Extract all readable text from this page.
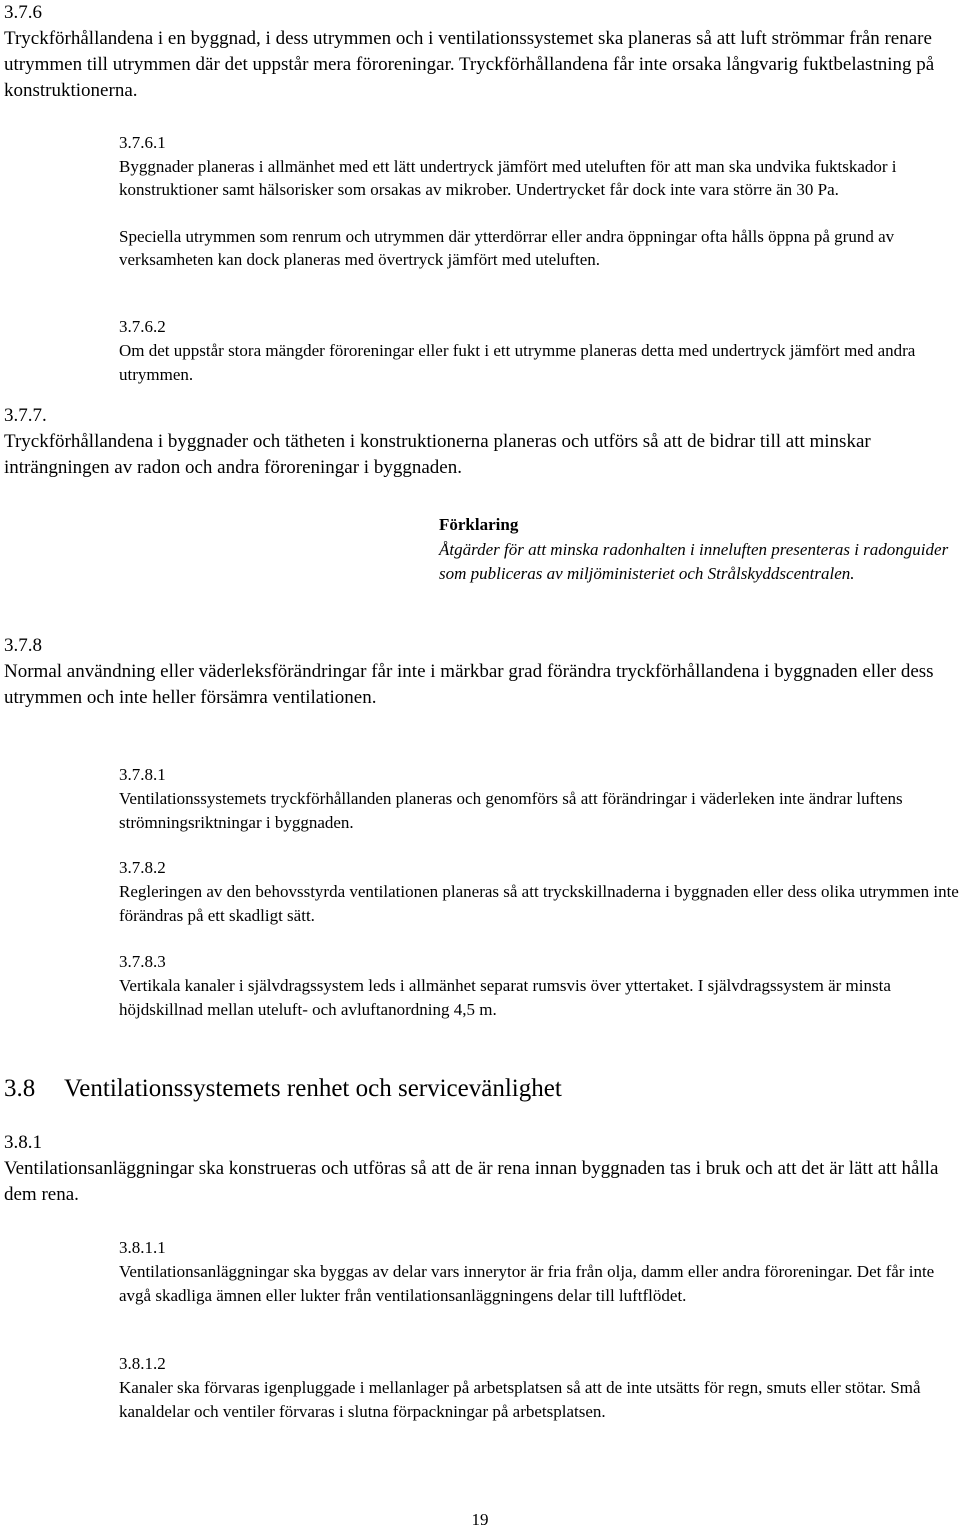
3.7.6

Tryckförhållandena i en byggnad, i dess utrymmen och i ventilationssystemet ska planeras så att luft strömmar från renare utrymmen till utrymmen där det uppstår mera föroreningar. Tryckförhållandena får inte orsaka långvarig fuktbelastning på konstruktionerna.

3.7.6.1

Byggnader planeras i allmänhet med ett lätt undertryck jämfört med uteluften för att man ska undvika fuktskador i konstruktioner samt hälsorisker som orsakas av mikrober. Undertrycket får dock inte vara större än 30 Pa.

Speciella utrymmen som renrum och utrymmen där ytterdörrar eller andra öppningar ofta hålls öppna på grund av verksamheten kan dock planeras med övertryck jämfört med uteluften.

3.7.6.2

Om det uppstår stora mängder föroreningar eller fukt i ett utrymme planeras detta med undertryck jämfört med andra utrymmen.

3.7.7.

Tryckförhållandena i byggnader och tätheten i konstruktionerna planeras och utförs så att de bidrar till att minskar inträngningen av radon och andra föroreningar i byggnaden.

Förklaring

Åtgärder för att minska radonhalten i inneluften presenteras i radonguider som publiceras av miljöministeriet och Strålskyddscentralen.

3.7.8

Normal användning eller väderleksförändringar får inte i märkbar grad förändra tryckförhållandena i byggnaden eller dess utrymmen och inte heller försämra ventilationen.

3.7.8.1

Ventilationssystemets tryckförhållanden planeras och genomförs så att förändringar i väderleken inte ändrar luftens strömningsriktningar i byggnaden.

3.7.8.2

Regleringen av den behovsstyrda ventilationen planeras så att tryckskillnaderna i byggnaden eller dess olika utrymmen inte förändras på ett skadligt sätt.

3.7.8.3

Vertikala kanaler i självdragssystem leds i allmänhet separat rumsvis över yttertaket. I självdragssystem är minsta höjdskillnad mellan uteluft- och avluftanordning 4,5 m.

3.8 Ventilationssystemets renhet och servicevänlighet

3.8.1

Ventilationsanläggningar ska konstrueras och utföras så att de är rena innan byggnaden tas i bruk och att det är lätt att hålla dem rena.

3.8.1.1

Ventilationsanläggningar ska byggas av delar vars innerytor är fria från olja, damm eller andra föroreningar. Det får inte avgå skadliga ämnen eller lukter från ventilationsanläggningens delar till luftflödet.

3.8.1.2

Kanaler ska förvaras igenpluggade i mellanlager på arbetsplatsen så att de inte utsätts för regn, smuts eller stötar. Små kanaldelar och ventiler förvaras i slutna förpackningar på arbetsplatsen.

19
